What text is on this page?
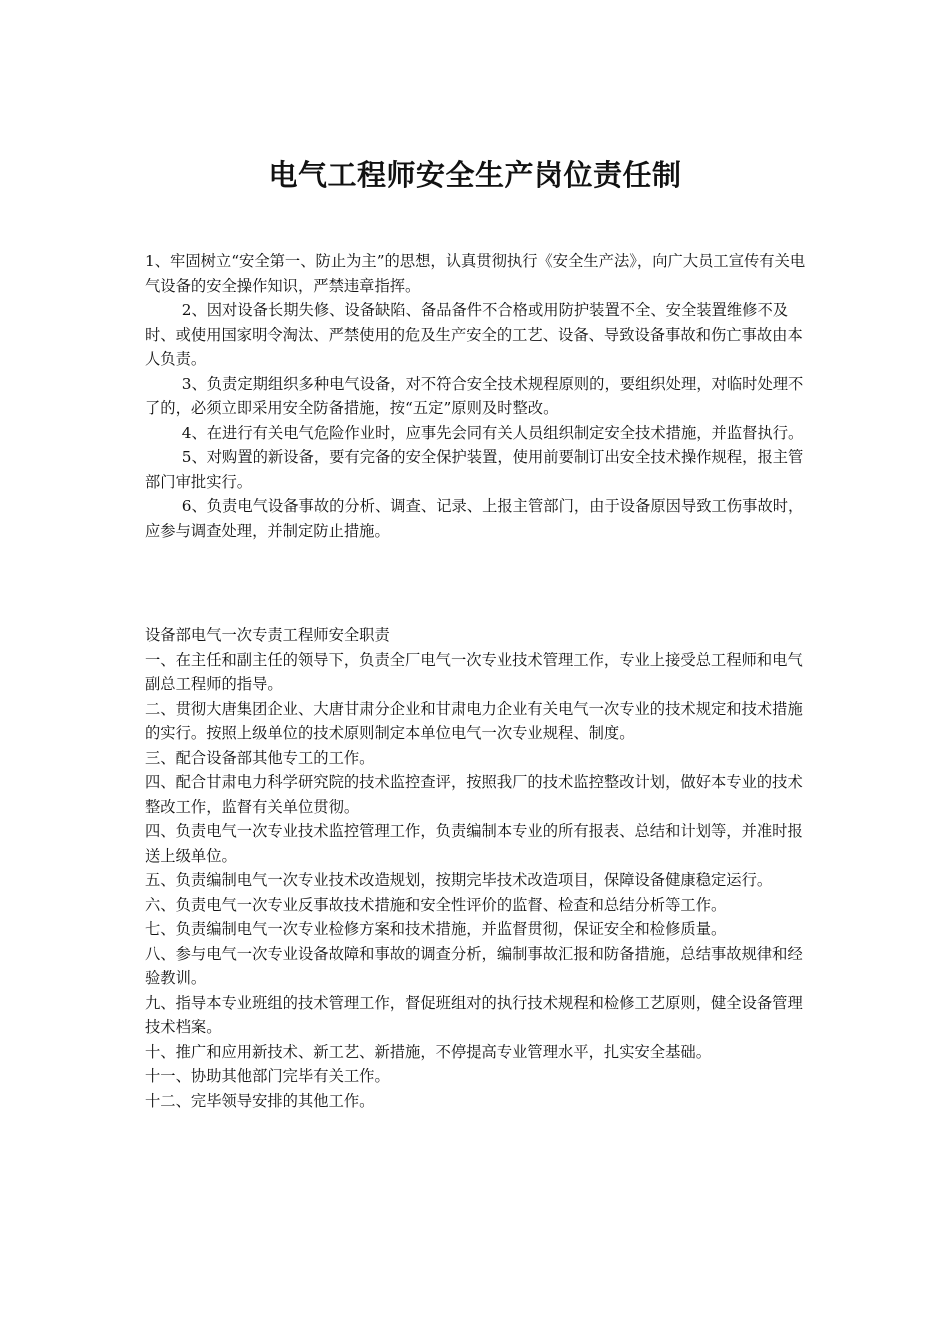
电气工程师安全生产岗位责任制

1、牢固树立“安全第一、防止为主”的思想，认真贯彻执行《安全生产法》，向广大员工宣传有关电气设备的安全操作知识，严禁违章指挥。

2、因对设备长期失修、设备缺陷、备品备件不合格或用防护装置不全、安全装置维修不及时、或使用国家明令淘汰、严禁使用的危及生产安全的工艺、设备、导致设备事故和伤亡事故由本人负责。

3、负责定期组织多种电气设备，对不符合安全技术规程原则的，要组织处理，对临时处理不了的，必须立即采用安全防备措施，按“五定”原则及时整改。

4、在进行有关电气危险作业时，应事先会同有关人员组织制定安全技术措施，并监督执行。

5、对购置的新设备，要有完备的安全保护装置，使用前要制订出安全技术操作规程，报主管部门审批实行。

6、负责电气设备事故的分析、调查、记录、上报主管部门，由于设备原因导致工伤事故时，应参与调查处理，并制定防止措施。

设备部电气一次专责工程师安全职责

一、在主任和副主任的领导下，负责全厂电气一次专业技术管理工作，专业上接受总工程师和电气副总工程师的指导。

二、贯彻大唐集团企业、大唐甘肃分企业和甘肃电力企业有关电气一次专业的技术规定和技术措施的实行。按照上级单位的技术原则制定本单位电气一次专业规程、制度。

三、配合设备部其他专工的工作。

四、配合甘肃电力科学研究院的技术监控查评，按照我厂的技术监控整改计划，做好本专业的技术整改工作，监督有关单位贯彻。

四、负责电气一次专业技术监控管理工作，负责编制本专业的所有报表、总结和计划等，并准时报送上级单位。

五、负责编制电气一次专业技术改造规划，按期完毕技术改造项目，保障设备健康稳定运行。

六、负责电气一次专业反事故技术措施和安全性评价的监督、检查和总结分析等工作。

七、负责编制电气一次专业检修方案和技术措施，并监督贯彻，保证安全和检修质量。

八、参与电气一次专业设备故障和事故的调查分析，编制事故汇报和防备措施，总结事故规律和经验教训。

九、指导本专业班组的技术管理工作，督促班组对的执行技术规程和检修工艺原则，健全设备管理技术档案。

十、推广和应用新技术、新工艺、新措施，不停提高专业管理水平，扎实安全基础。

十一、协助其他部门完毕有关工作。

十二、完毕领导安排的其他工作。
